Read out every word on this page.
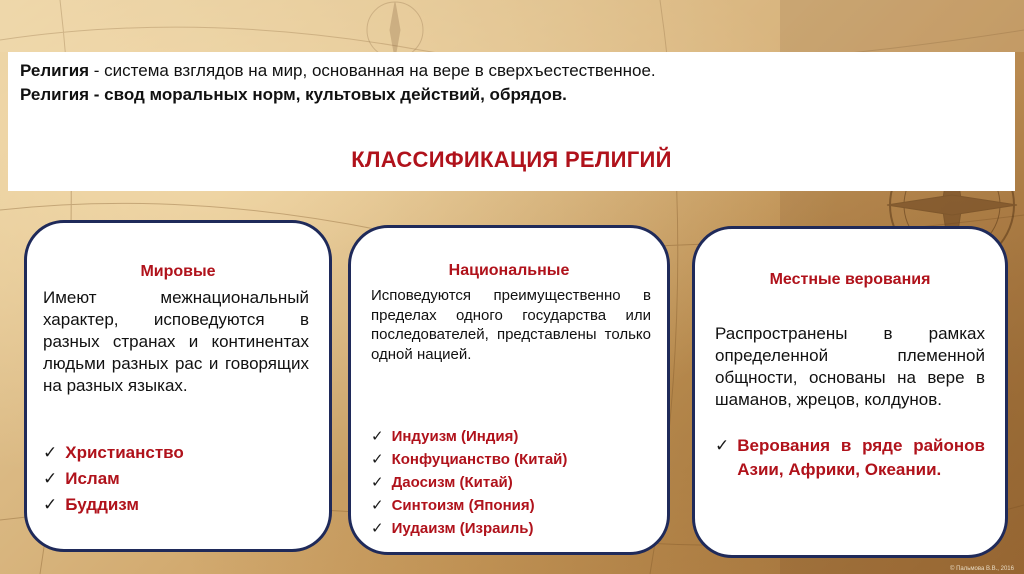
Религия - система взглядов на мир, основанная на вере в сверхъестественное.
Религия - свод моральных норм, культовых действий, обрядов.
КЛАССИФИКАЦИЯ РЕЛИГИЙ
Мировые
Имеют межнациональный характер, исповедуются в разных странах и континентах людьми разных рас и говорящих на разных языках.
✓ Христианство
✓ Ислам
✓ Буддизм
Национальные
Исповедуются преимущественно в пределах одного государства или последователей, представлены только одной нацией.
✓ Индуизм (Индия)
✓ Конфуцианство (Китай)
✓ Даосизм (Китай)
✓ Синтоизм (Япония)
✓ Иудаизм (Израиль)
Местные верования
Распространены в рамках определенной племенной общности, основаны на вере в шаманов, жрецов, колдунов.
✓ Верования в ряде районов Азии, Африки, Океании.
© Пальмова В.В., 2016
